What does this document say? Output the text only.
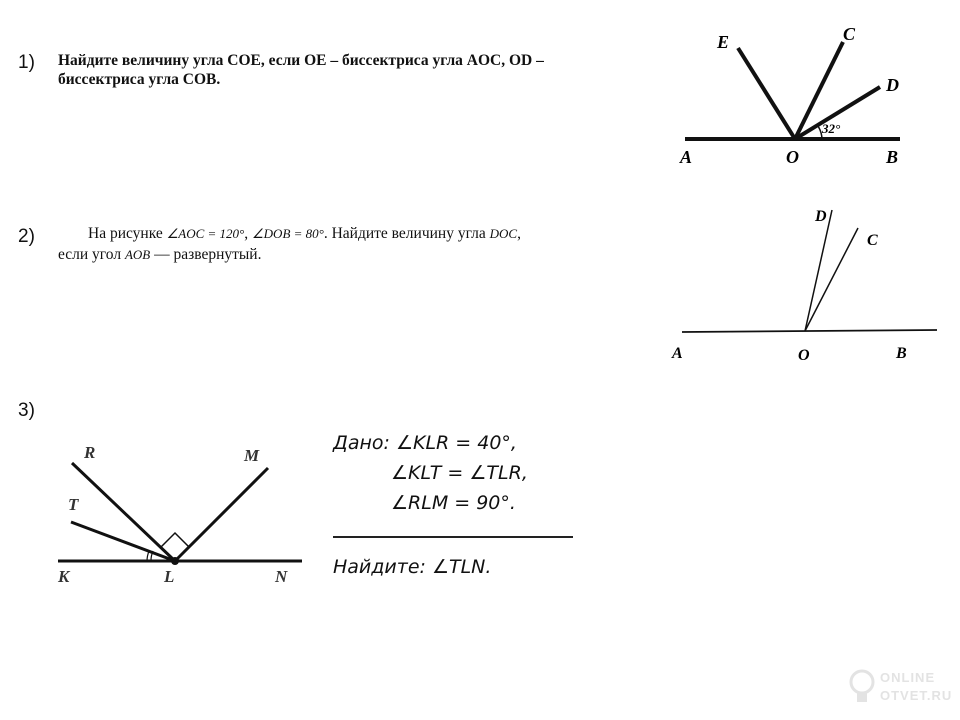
1) Найдите величину угла COE, если OE – биссектриса угла AOC, OD –
биссектриса угла COB.
E	C
D
A	O	B
32°
2)	На рисунке ∠AOC = 120°, ∠DOB = 80°. Найдите величину угла DOC,
если угол AOB — развернутый.
D
C
A	O	B
3)
R	M
T
K	L	N
Дано: ∠KLR = 40°,
∠KLT = ∠TLR,
∠RLM = 90°.
Найдите: ∠TLN.
ONLINE
OTVET.RU
